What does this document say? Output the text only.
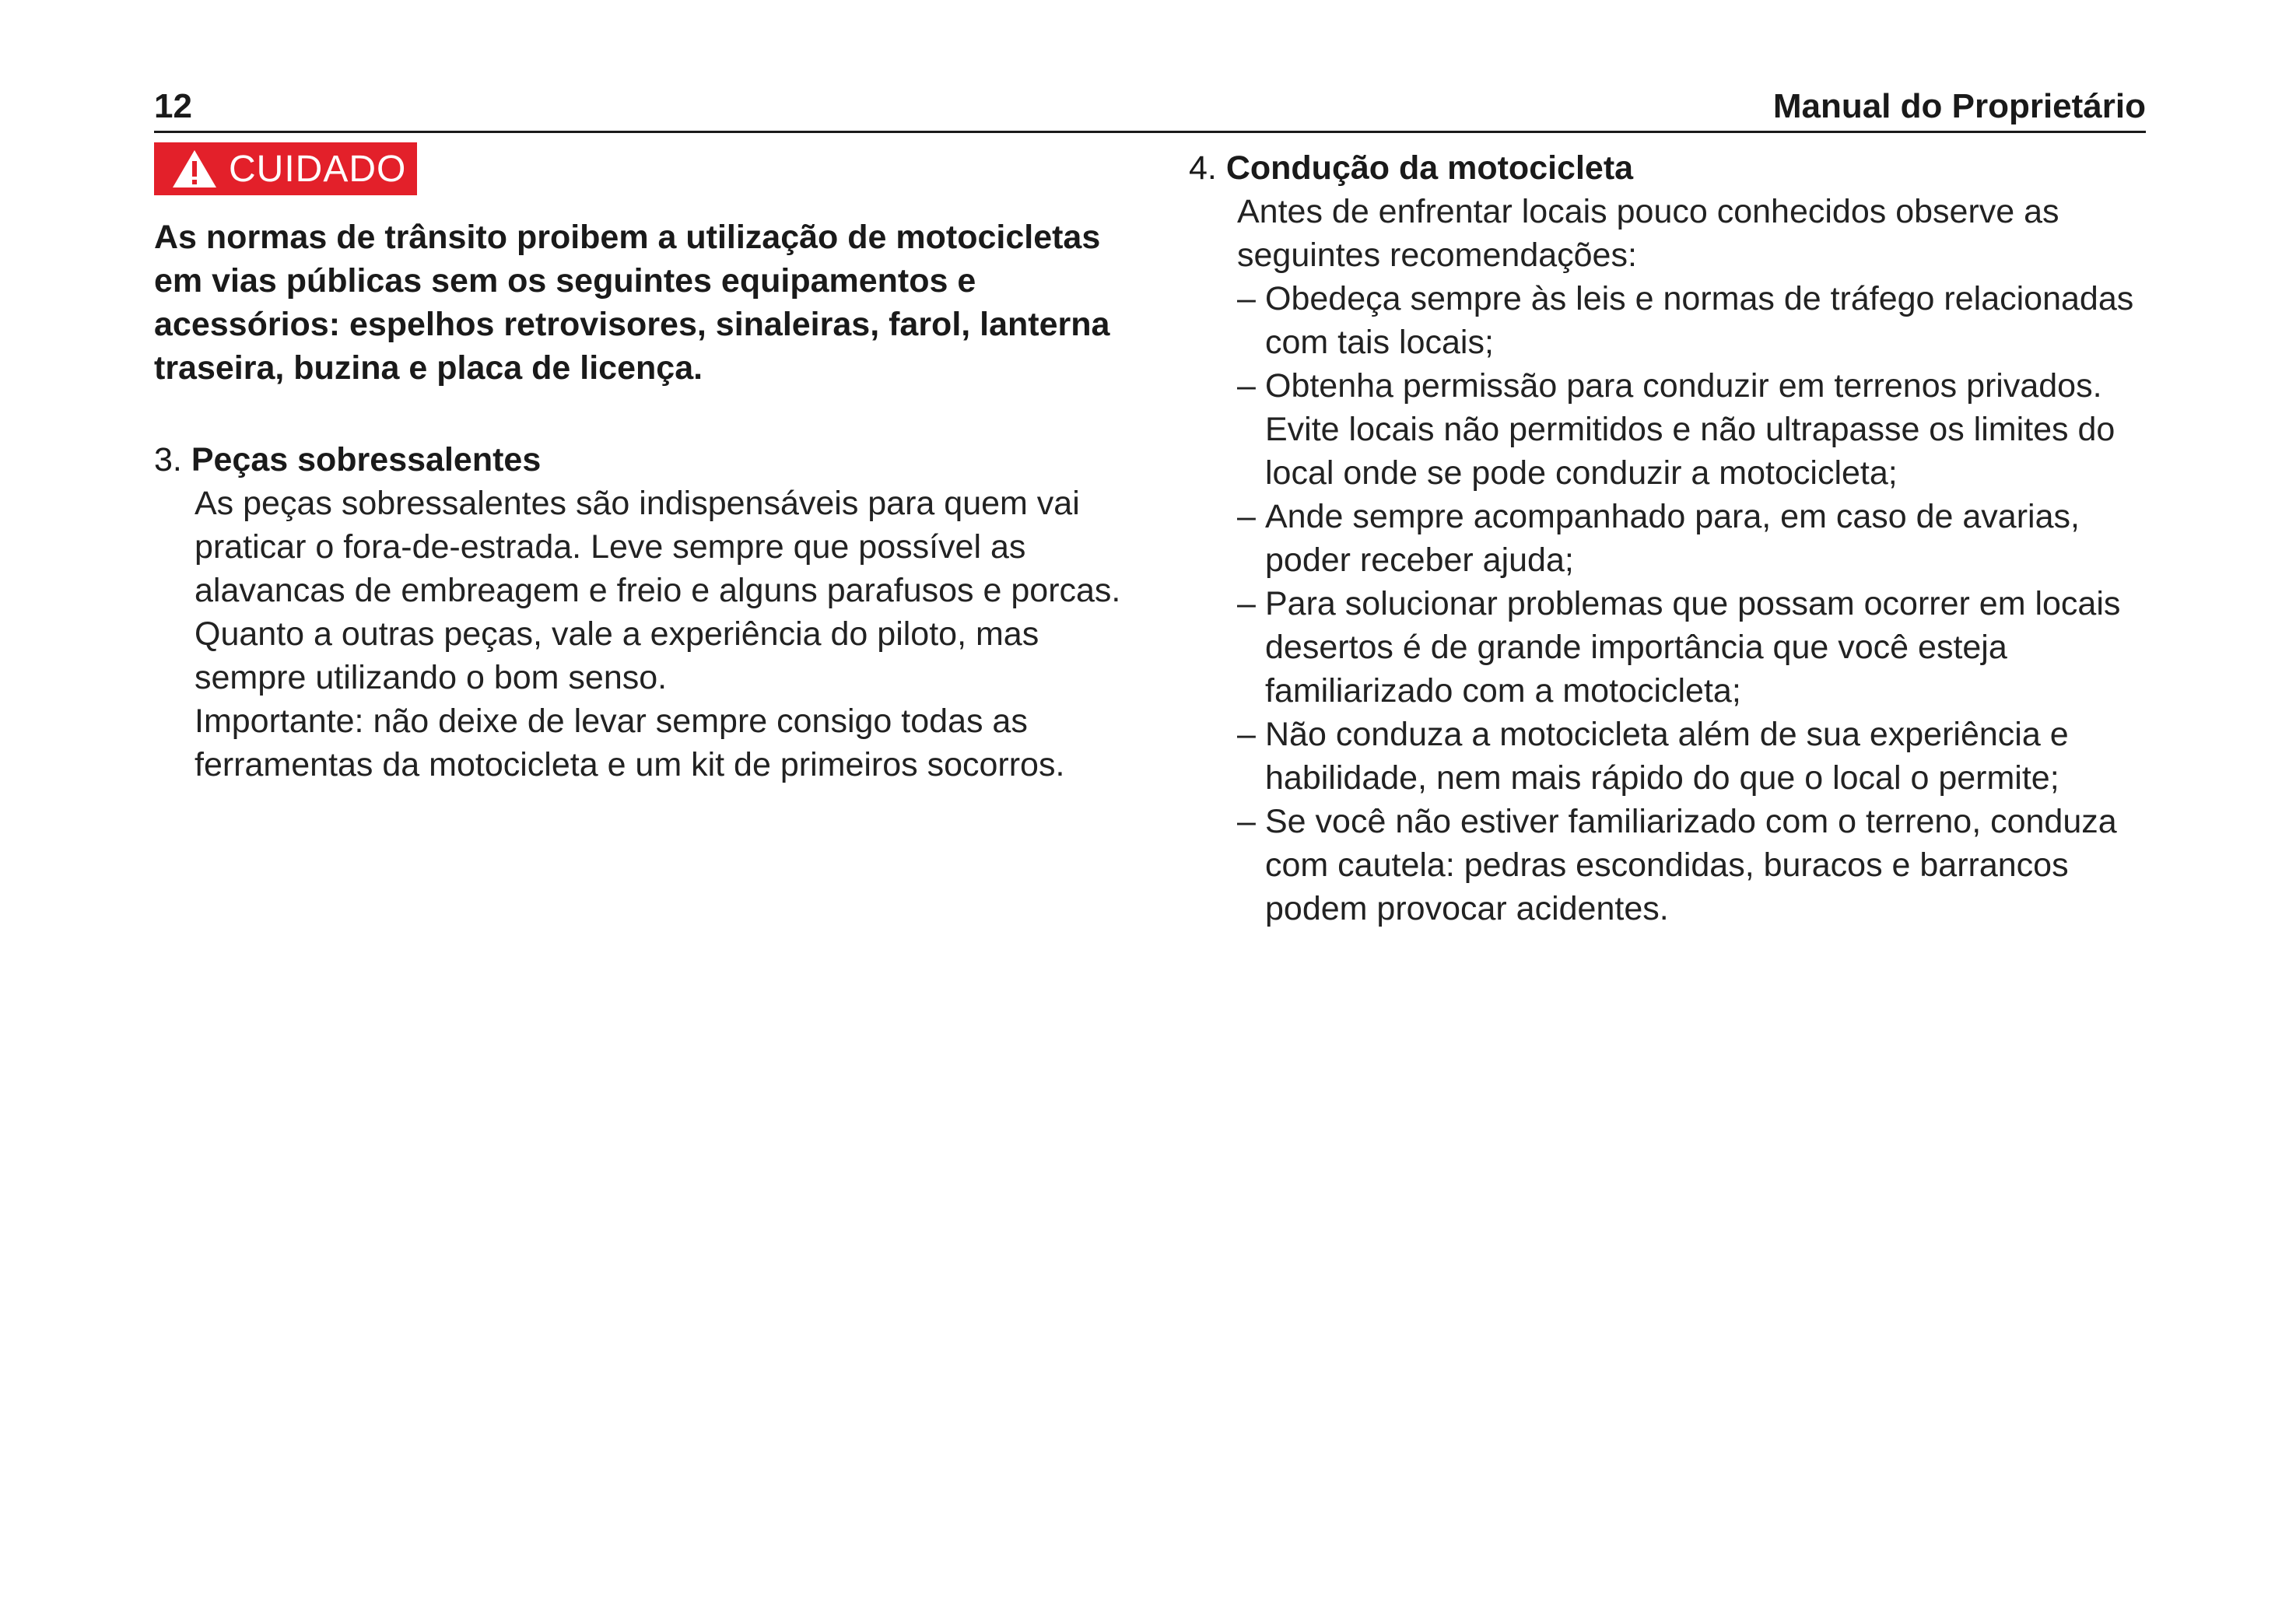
12	Manual do Proprietário
CUIDADO

As normas de trânsito proibem a utilização de motocicletas em vias públicas sem os seguintes equipamentos e acessórios: espelhos retrovisores, sinaleiras, farol, lanterna traseira, buzina e placa de licença.

3. Peças sobressalentes

As peças sobressalentes são indispensáveis para quem vai praticar o fora-de-estrada. Leve sempre que possível as alavancas de embreagem e freio e alguns parafusos e porcas. Quanto a outras peças, vale a experiência do piloto, mas sempre utilizando o bom senso.

Importante: não deixe de levar sempre consigo todas as ferramentas da motocicleta e um kit de primeiros socorros.

4. Condução da motocicleta

Antes de enfrentar locais pouco conhecidos observe as seguintes recomendações:

– Obedeça sempre às leis e normas de tráfego relacionadas com tais locais;
– Obtenha permissão para conduzir em terrenos privados. Evite locais não permitidos e não ultrapasse os limites do local onde se pode conduzir a motocicleta;
– Ande sempre acompanhado para, em caso de avarias, poder receber ajuda;
– Para solucionar problemas que possam ocorrer em locais desertos é de grande importância que você esteja familiarizado com a motocicleta;
– Não conduza a motocicleta além de sua experiência e habilidade, nem mais rápido do que o local o permite;
– Se você não estiver familiarizado com o terreno, conduza com cautela: pedras escondidas, buracos e barrancos podem provocar acidentes.
